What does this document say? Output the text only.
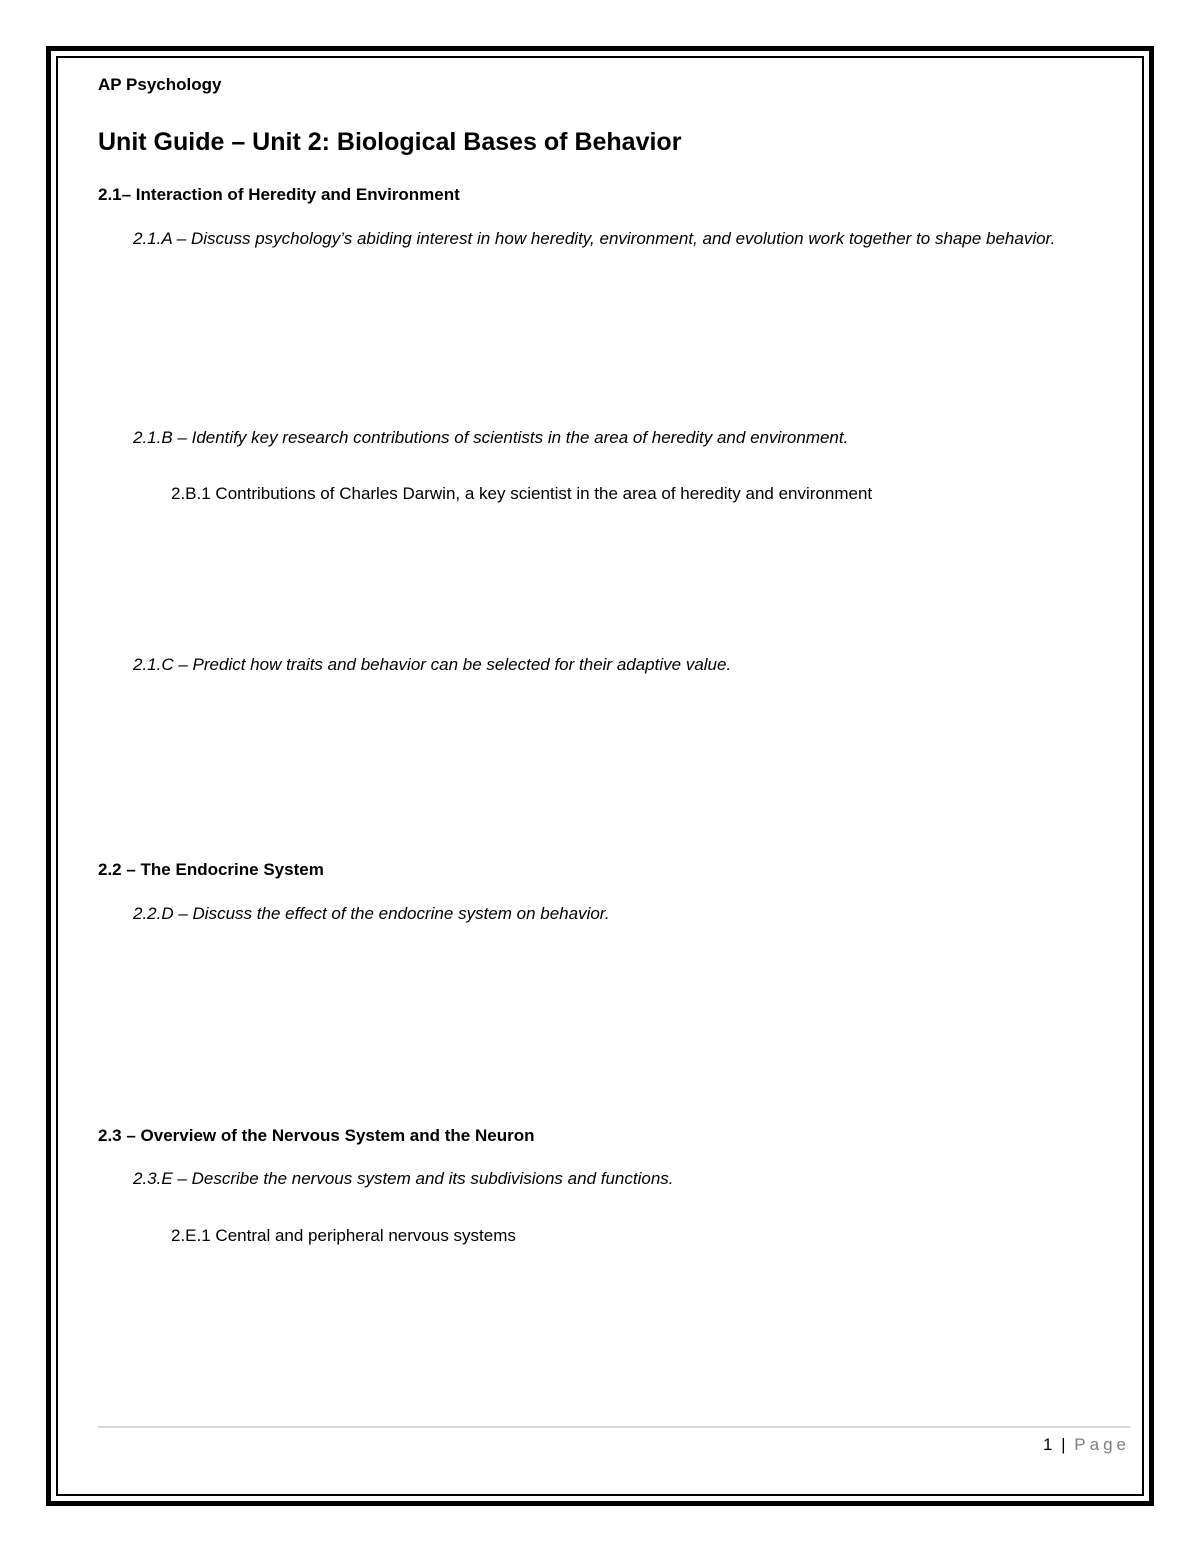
AP Psychology
Unit Guide – Unit 2: Biological Bases of Behavior
2.1– Interaction of Heredity and Environment
2.1.A – Discuss psychology’s abiding interest in how heredity, environment, and evolution work together to shape behavior.
2.1.B – Identify key research contributions of scientists in the area of heredity and environment.
2.B.1 Contributions of Charles Darwin, a key scientist in the area of heredity and environment
2.1.C – Predict how traits and behavior can be selected for their adaptive value.
2.2 – The Endocrine System
2.2.D – Discuss the effect of the endocrine system on behavior.
2.3 – Overview of the Nervous System and the Neuron
2.3.E – Describe the nervous system and its subdivisions and functions.
2.E.1 Central and peripheral nervous systems
1 | Page
